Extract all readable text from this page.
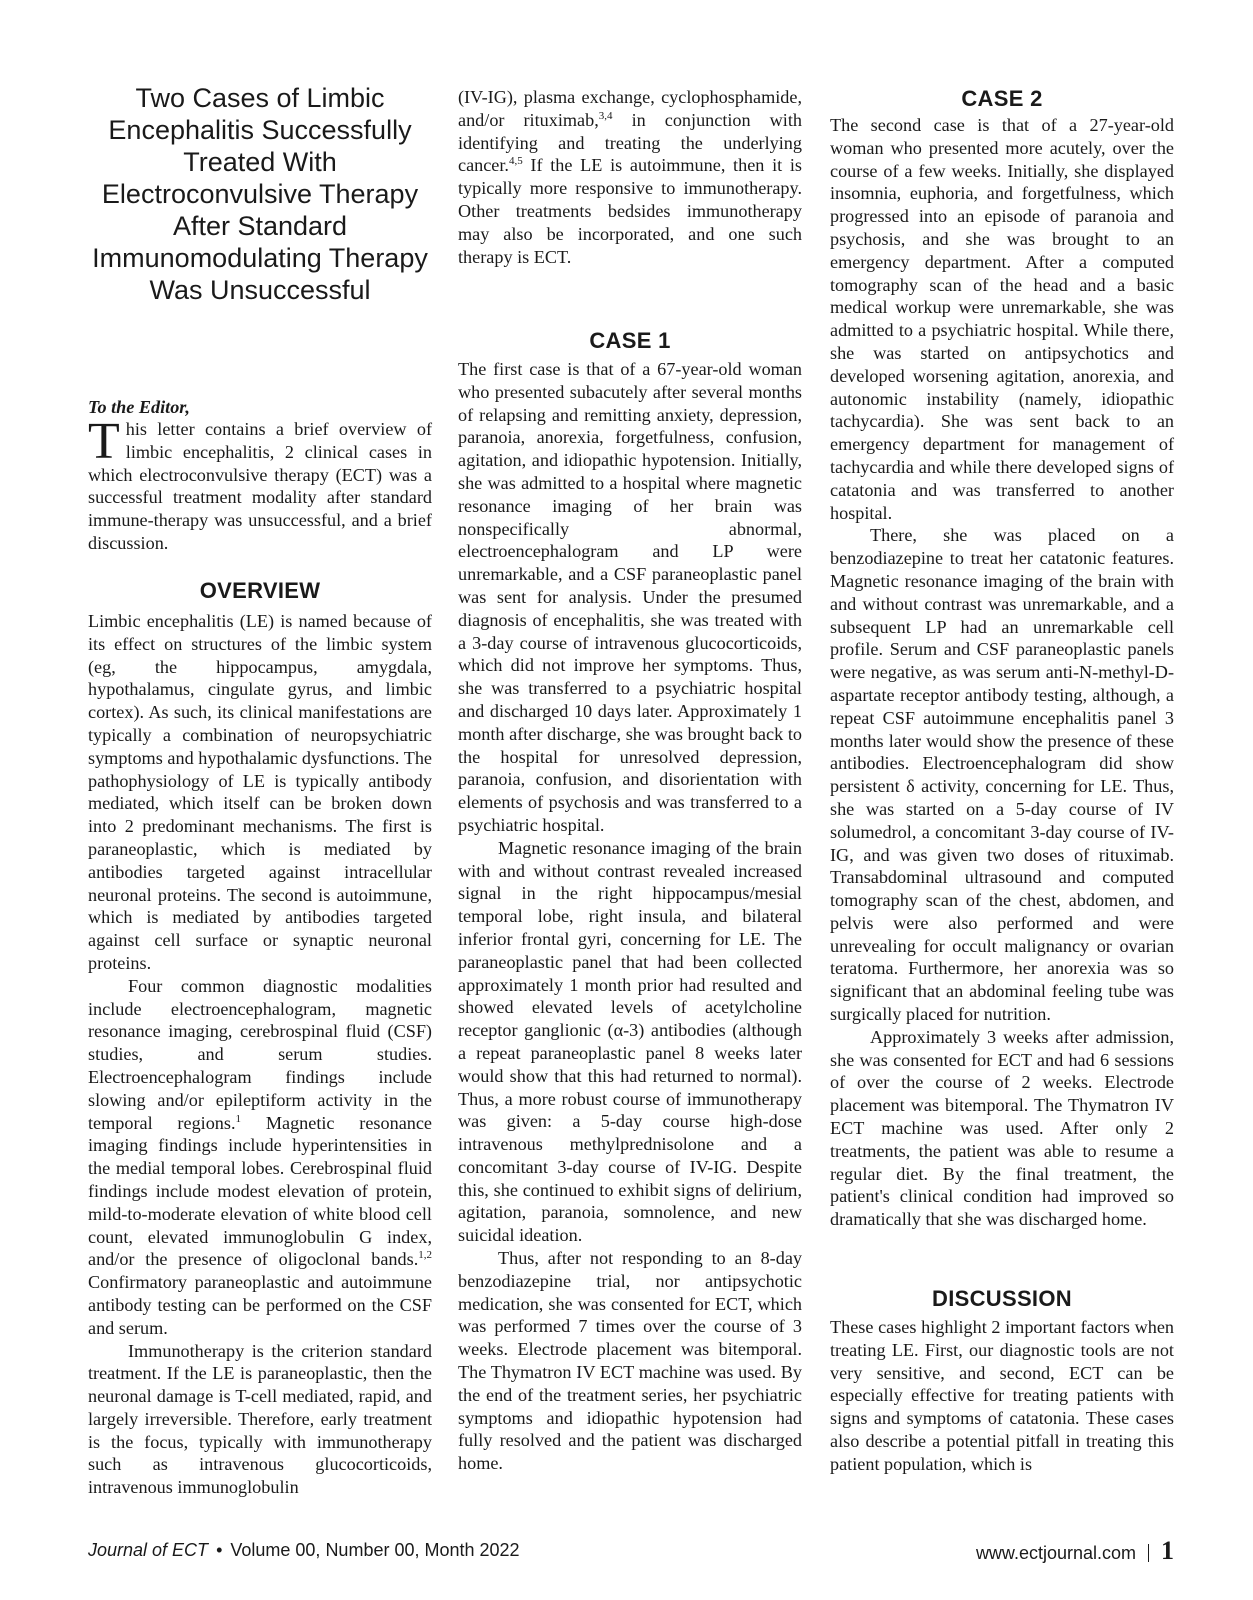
Two Cases of Limbic
Encephalitis Successfully
Treated With
Electroconvulsive Therapy
After Standard
Immunomodulating Therapy
Was Unsuccessful

To the Editor,

This letter contains a brief overview of limbic encephalitis, 2 clinical cases in which electroconvulsive therapy (ECT) was a successful treatment modality after standard immune-therapy was unsuccessful, and a brief discussion.

OVERVIEW

Limbic encephalitis (LE) is named because of its effect on structures of the limbic system (eg, the hippocampus, amygdala, hypothalamus, cingulate gyrus, and limbic cortex). As such, its clinical manifestations are typically a combination of neuropsychiatric symptoms and hypothalamic dysfunctions. The pathophysiology of LE is typically antibody mediated, which itself can be broken down into 2 predominant mechanisms. The first is paraneoplastic, which is mediated by antibodies targeted against intracellular neuronal proteins. The second is autoimmune, which is mediated by antibodies targeted against cell surface or synaptic neuronal proteins.

Four common diagnostic modalities include electroencephalogram, magnetic resonance imaging, cerebrospinal fluid (CSF) studies, and serum studies. Electroencephalogram findings include slowing and/or epileptiform activity in the temporal regions.$^1$ Magnetic resonance imaging findings include hyperintensities in the medial temporal lobes. Cerebrospinal fluid findings include modest elevation of protein, mild-to-moderate elevation of white blood cell count, elevated immunoglobulin G index, and/or the presence of oligoclonal bands.$^{1,2}$ Confirmatory paraneoplastic and autoimmune antibody testing can be performed on the CSF and serum.

Immunotherapy is the criterion standard treatment. If the LE is paraneoplastic, then the neuronal damage is T-cell mediated, rapid, and largely irreversible. Therefore, early treatment is the focus, typically with immunotherapy such as intravenous glucocorticoids, intravenous immunoglobulin

(IV-IG), plasma exchange, cyclophosphamide, and/or rituximab,$^{3,4}$ in conjunction with identifying and treating the underlying cancer.$^{4,5}$ If the LE is autoimmune, then it is typically more responsive to immunotherapy. Other treatments bedsides immunotherapy may also be incorporated, and one such therapy is ECT.

CASE 1

The first case is that of a 67-year-old woman who presented subacutely after several months of relapsing and remitting anxiety, depression, paranoia, anorexia, forgetfulness, confusion, agitation, and idiopathic hypotension. Initially, she was admitted to a hospital where magnetic resonance imaging of her brain was nonspecifically abnormal, electroencephalogram and LP were unremarkable, and a CSF paraneoplastic panel was sent for analysis. Under the presumed diagnosis of encephalitis, she was treated with a 3-day course of intravenous glucocorticoids, which did not improve her symptoms. Thus, she was transferred to a psychiatric hospital and discharged 10 days later. Approximately 1 month after discharge, she was brought back to the hospital for unresolved depression, paranoia, confusion, and disorientation with elements of psychosis and was transferred to a psychiatric hospital.

Magnetic resonance imaging of the brain with and without contrast revealed increased signal in the right hippocampus/mesial temporal lobe, right insula, and bilateral inferior frontal gyri, concerning for LE. The paraneoplastic panel that had been collected approximately 1 month prior had resulted and showed elevated levels of acetylcholine receptor ganglionic (α-3) antibodies (although a repeat paraneoplastic panel 8 weeks later would show that this had returned to normal). Thus, a more robust course of immunotherapy was given: a 5-day course high-dose intravenous methylprednisolone and a concomitant 3-day course of IV-IG. Despite this, she continued to exhibit signs of delirium, agitation, paranoia, somnolence, and new suicidal ideation.

Thus, after not responding to an 8-day benzodiazepine trial, nor antipsychotic medication, she was consented for ECT, which was performed 7 times over the course of 3 weeks. Electrode placement was bitemporal. The Thymatron IV ECT machine was used. By the end of the treatment series, her psychiatric symptoms and idiopathic hypotension had fully resolved and the patient was discharged home.

CASE 2

The second case is that of a 27-year-old woman who presented more acutely, over the course of a few weeks. Initially, she displayed insomnia, euphoria, and forgetfulness, which progressed into an episode of paranoia and psychosis, and she was brought to an emergency department. After a computed tomography scan of the head and a basic medical workup were unremarkable, she was admitted to a psychiatric hospital. While there, she was started on antipsychotics and developed worsening agitation, anorexia, and autonomic instability (namely, idiopathic tachycardia). She was sent back to an emergency department for management of tachycardia and while there developed signs of catatonia and was transferred to another hospital.

There, she was placed on a benzodiazepine to treat her catatonic features. Magnetic resonance imaging of the brain with and without contrast was unremarkable, and a subsequent LP had an unremarkable cell profile. Serum and CSF paraneoplastic panels were negative, as was serum anti-N-methyl-D-aspartate receptor antibody testing, although, a repeat CSF autoimmune encephalitis panel 3 months later would show the presence of these antibodies. Electroencephalogram did show persistent δ activity, concerning for LE. Thus, she was started on a 5-day course of IV solumedrol, a concomitant 3-day course of IV-IG, and was given two doses of rituximab. Transabdominal ultrasound and computed tomography scan of the chest, abdomen, and pelvis were also performed and were unrevealing for occult malignancy or ovarian teratoma. Furthermore, her anorexia was so significant that an abdominal feeling tube was surgically placed for nutrition.

Approximately 3 weeks after admission, she was consented for ECT and had 6 sessions of over the course of 2 weeks. Electrode placement was bitemporal. The Thymatron IV ECT machine was used. After only 2 treatments, the patient was able to resume a regular diet. By the final treatment, the patient's clinical condition had improved so dramatically that she was discharged home.

DISCUSSION

These cases highlight 2 important factors when treating LE. First, our diagnostic tools are not very sensitive, and second, ECT can be especially effective for treating patients with signs and symptoms of catatonia. These cases also describe a potential pitfall in treating this patient population, which is

Journal of ECT • Volume 00, Number 00, Month 2022	www.ectjournal.com 1
